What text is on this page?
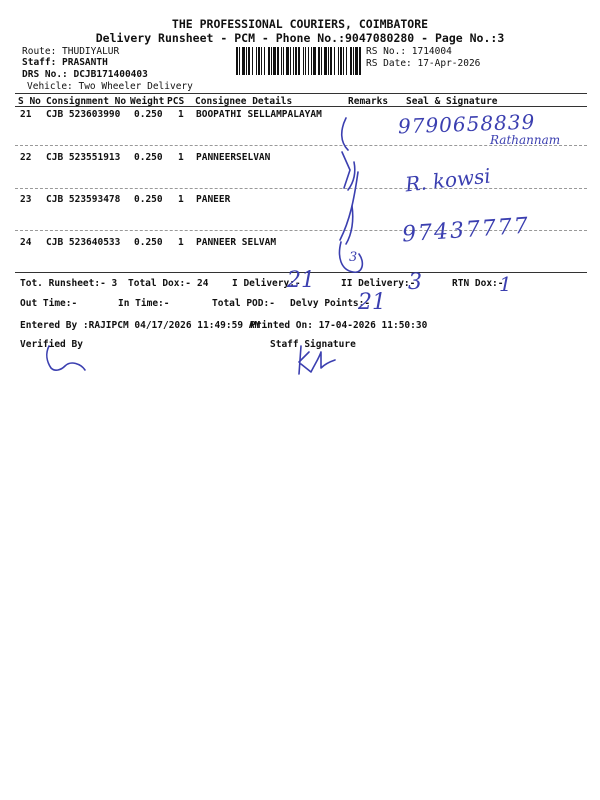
THE PROFESSIONAL COURIERS, COIMBATORE
Delivery Runsheet - PCM - Phone No.:9047080280 - Page No.:3
Route: THUDIYALUR
Staff: PRASANTH
DRS No.: DCJB171400403
Vehicle: Two Wheeler Delivery
RS No.: 1714004
RS Date: 17-Apr-2026
S No Consignment No Weight PCS Consignee Details	Remarks Seal & Signature
21 CJB 523603990 0.250 1 BOOPATHI SELLAMPALAYAM
22 CJB 523551913 0.250 1 PANNEERSELVAN
23 CJB 523593478 0.250 1 PANEER
24 CJB 523640533 0.250 1 PANNEER SELVAM
3
9790658839
Rathannam
R. kowsi
97437777
Tot. Runsheet:- 3 Total Dox:- 24 I Delivery:-
21	II Delivery:-
3	RTN Dox:-
1
Out Time:-	In Time:-	Total POD:- Delvy Points:-
21
Entered By :RAJIPCM 04/17/2026 11:49:59 AM
Printed On: 17-04-2026 11:50:30
Verified By	Staff Signature
